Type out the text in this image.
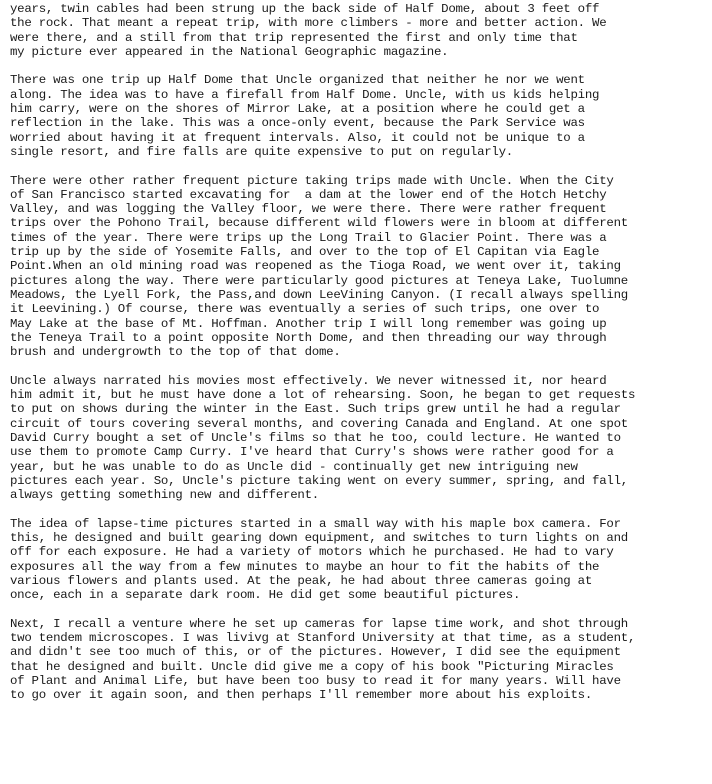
years, twin cables had been strung up the back side of Half Dome, about 3 feet off
the rock. That meant a repeat trip, with more climbers - more and better action. We
were there, and a still from that trip represented the first and only time that
my picture ever appeared in the National Geographic magazine.
There was one trip up Half Dome that Uncle organized that neither he nor we went
along. The idea was to have a firefall from Half Dome. Uncle, with us kids helping
him carry, were on the shores of Mirror Lake, at a position where he could get a
reflection in the lake. This was a once-only event, because the Park Service was
worried about having it at frequent intervals. Also, it could not be unique to a
single resort, and fire falls are quite expensive to put on regularly.
There were other rather frequent picture taking trips made with Uncle. When the City
of San Francisco started excavating for  a dam at the lower end of the Hotch Hetchy
Valley, and was logging the Valley floor, we were there. There were rather frequent
trips over the Pohono Trail, because different wild flowers were in bloom at different
times of the year. There were trips up the Long Trail to Glacier Point. There was a
trip up by the side of Yosemite Falls, and over to the top of El Capitan via Eagle
Point.When an old mining road was reopened as the Tioga Road, we went over it, taking
pictures along the way. There were particularly good pictures at Teneya Lake, Tuolumne
Meadows, the Lyell Fork, the Pass,and down LeeVining Canyon. (I recall always spelling
it Leevining.) Of course, there was eventually a series of such trips, one over to
May Lake at the base of Mt. Hoffman. Another trip I will long remember was going up
the Teneya Trail to a point opposite North Dome, and then threading our way through
brush and undergrowth to the top of that dome.
Uncle always narrated his movies most effectively. We never witnessed it, nor heard
him admit it, but he must have done a lot of rehearsing. Soon, he began to get requests
to put on shows during the winter in the East. Such trips grew until he had a regular
circuit of tours covering several months, and covering Canada and England. At one spot
David Curry bought a set of Uncle's films so that he too, could lecture. He wanted to
use them to promote Camp Curry. I've heard that Curry's shows were rather good for a
year, but he was unable to do as Uncle did - continually get new intriguing new
pictures each year. So, Uncle's picture taking went on every summer, spring, and fall,
always getting something new and different.
The idea of lapse-time pictures started in a small way with his maple box camera. For
this, he designed and built gearing down equipment, and switches to turn lights on and
off for each exposure. He had a variety of motors which he purchased. He had to vary
exposures all the way from a few minutes to maybe an hour to fit the habits of the
various flowers and plants used. At the peak, he had about three cameras going at
once, each in a separate dark room. He did get some beautiful pictures.
Next, I recall a venture where he set up cameras for lapse time work, and shot through
two tendem microscopes. I was livivg at Stanford University at that time, as a student,
and didn't see too much of this, or of the pictures. However, I did see the equipment
that he designed and built. Uncle did give me a copy of his book "Picturing Miracles
of Plant and Animal Life, but have been too busy to read it for many years. Will have
to go over it again soon, and then perhaps I'll remember more about his exploits.
